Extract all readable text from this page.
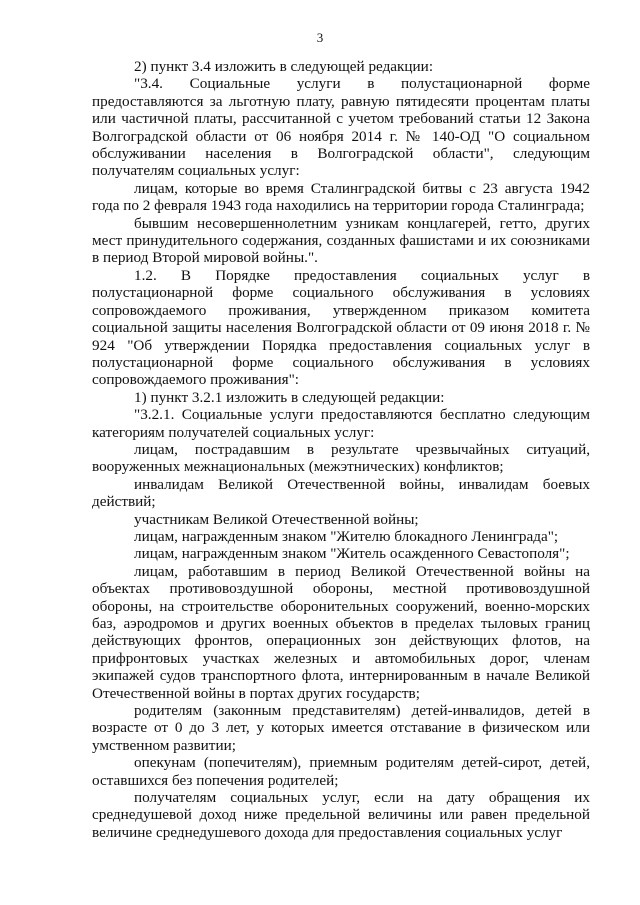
3

2) пункт 3.4 изложить в следующей редакции:

"3.4. Социальные услуги в полустационарной форме предоставляются за льготную плату, равную пятидесяти процентам платы или частичной платы, рассчитанной с учетом требований статьи 12 Закона Волгоградской области от 06 ноября 2014 г. № 140-ОД "О социальном обслуживании населения в Волгоградской области", следующим получателям социальных услуг:

лицам, которые во время Сталинградской битвы с 23 августа 1942 года по 2 февраля 1943 года находились на территории города Сталинграда;

бывшим несовершеннолетним узникам концлагерей, гетто, других мест принудительного содержания, созданных фашистами и их союзниками в период Второй мировой войны.".

1.2. В Порядке предоставления социальных услуг в полустационарной форме социального обслуживания в условиях сопровождаемого проживания, утвержденном приказом комитета социальной защиты населения Волгоградской области от 09 июня 2018 г. № 924 "Об утверждении Порядка предоставления социальных услуг в полустационарной форме социального обслуживания в условиях сопровождаемого проживания":

1) пункт 3.2.1 изложить в следующей редакции:

"3.2.1. Социальные услуги предоставляются бесплатно следующим категориям получателей социальных услуг:

лицам, пострадавшим в результате чрезвычайных ситуаций, вооруженных межнациональных (межэтнических) конфликтов;

инвалидам Великой Отечественной войны, инвалидам боевых действий;

участникам Великой Отечественной войны;

лицам, награжденным знаком "Жителю блокадного Ленинграда";

лицам, награжденным знаком "Житель осажденного Севастополя";

лицам, работавшим в период Великой Отечественной войны на объектах противовоздушной обороны, местной противовоздушной обороны, на строительстве оборонительных сооружений, военно-морских баз, аэродромов и других военных объектов в пределах тыловых границ действующих фронтов, операционных зон действующих флотов, на прифронтовых участках железных и автомобильных дорог, членам экипажей судов транспортного флота, интернированным в начале Великой Отечественной войны в портах других государств;

родителям (законным представителям) детей-инвалидов, детей в возрасте от 0 до 3 лет, у которых имеется отставание в физическом или умственном развитии;

опекунам (попечителям), приемным родителям детей-сирот, детей, оставшихся без попечения родителей;

получателям социальных услуг, если на дату обращения их среднедушевой доход ниже предельной величины или равен предельной величине среднедушевого дохода для предоставления социальных услуг
